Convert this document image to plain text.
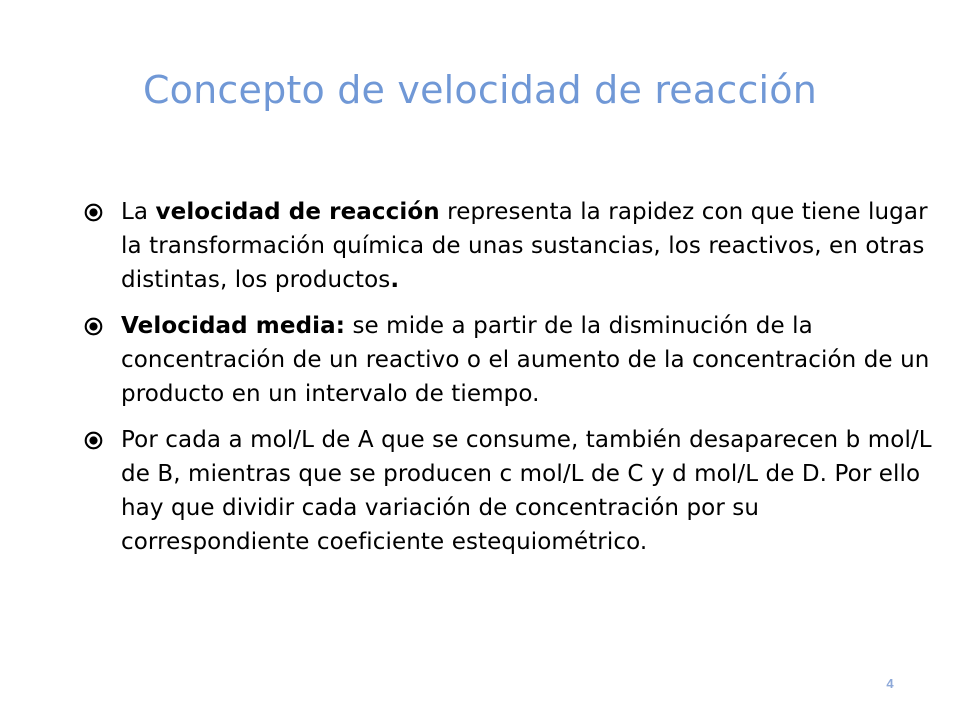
Concepto de velocidad de reacción
La velocidad de reacción representa la rapidez con que tiene lugar la transformación química de unas sustancias, los reactivos, en otras distintas, los productos.
Velocidad media: se mide a partir de la disminución de la concentración de un reactivo o el aumento de la concentración de un producto en un intervalo de tiempo.
Por cada a mol/L de A que se consume, también desaparecen b mol/L de B, mientras que se producen c mol/L de C y d mol/L de D. Por ello hay que dividir cada variación de concentración por su correspondiente coeficiente estequiométrico.
4
